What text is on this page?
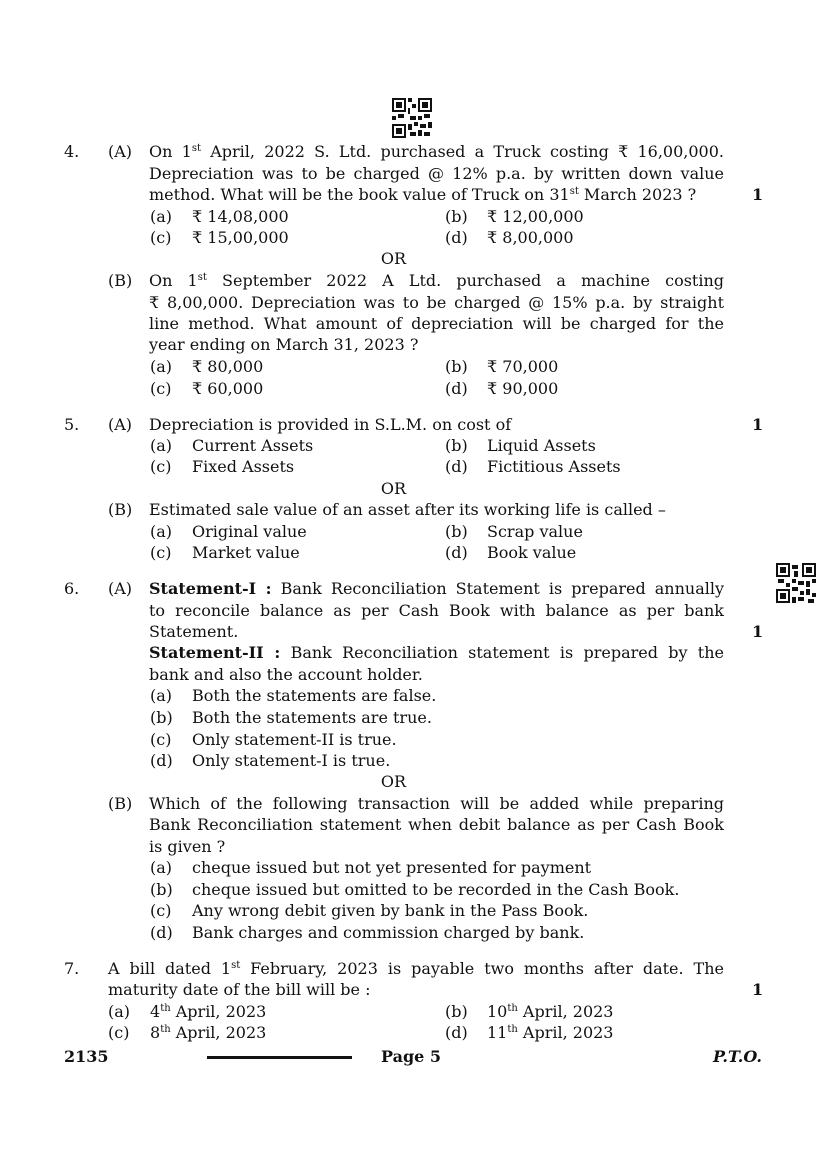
4. (A) On 1st April, 2022 S. Ltd. purchased a Truck costing ₹ 16,00,000.
Depreciation was to be charged @ 12% p.a. by written down value
method. What will be the book value of Truck on 31st March 2023 ?	1
(a) ₹ 14,08,000	(b) ₹ 12,00,000
(c) ₹ 15,00,000	(d) ₹ 8,00,000
OR
(B) On 1st September 2022 A Ltd. purchased a machine costing
₹ 8,00,000. Depreciation was to be charged @ 15% p.a. by straight
line method. What amount of depreciation will be charged for the
year ending on March 31, 2023 ?
(a) ₹ 80,000	(b) ₹ 70,000
(c) ₹ 60,000	(d) ₹ 90,000
5. (A) Depreciation is provided in S.L.M. on cost of	1
(a) Current Assets	(b) Liquid Assets
(c) Fixed Assets	(d) Fictitious Assets
OR
(B) Estimated sale value of an asset after its working life is called –
(a) Original value	(b) Scrap value
(c) Market value	(d) Book value
6. (A) Statement-I : Bank Reconciliation Statement is prepared annually
to reconcile balance as per Cash Book with balance as per bank
Statement.	1
Statement-II : Bank Reconciliation statement is prepared by the
bank and also the account holder.
(a) Both the statements are false.
(b) Both the statements are true.
(c) Only statement-II is true.
(d) Only statement-I is true.
OR
(B) Which of the following transaction will be added while preparing
Bank Reconciliation statement when debit balance as per Cash Book
is given ?
(a) cheque issued but not yet presented for payment
(b) cheque issued but omitted to be recorded in the Cash Book.
(c) Any wrong debit given by bank in the Pass Book.
(d) Bank charges and commission charged by bank.
7. A bill dated 1st February, 2023 is payable two months after date. The
maturity date of the bill will be :	1
(a) 4th April, 2023	(b) 10th April, 2023
(c) 8th April, 2023	(d) 11th April, 2023
2135	Page 5	P.T.O.
